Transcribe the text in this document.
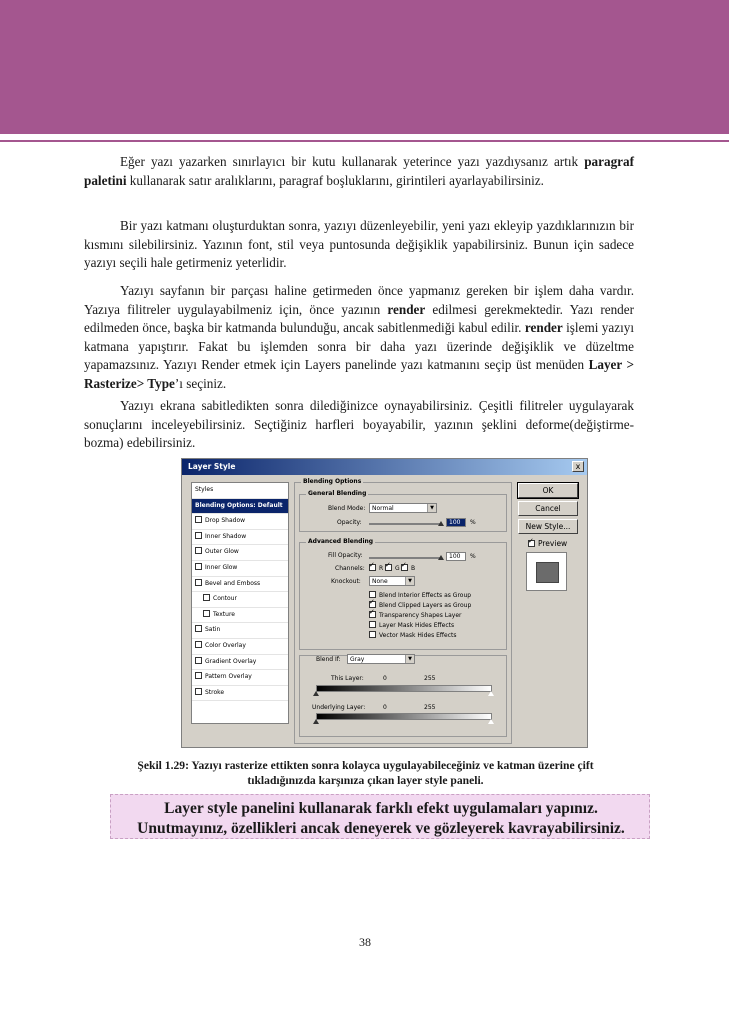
Eğer yazı yazarken sınırlayıcı bir kutu kullanarak yeterince yazı yazdıysanız artık paragraf paletini kullanarak satır aralıklarını, paragraf boşluklarını, girintileri ayarlayabilirsiniz.

Bir yazı katmanı oluşturduktan sonra, yazıyı düzenleyebilir, yeni yazı ekleyip yazdıklarınızın bir kısmını silebilirsiniz. Yazının font, stil veya puntosunda değişiklik yapabilirsiniz. Bunun için sadece yazıyı seçili hale getirmeniz yeterlidir.

Yazıyı sayfanın bir parçası haline getirmeden önce yapmanız gereken bir işlem daha vardır. Yazıya filitreler uygulayabilmeniz için, önce yazının render edilmesi gerekmektedir. Yazı render edilmeden önce, başka bir katmanda bulunduğu, ancak sabitlenmediği kabul edilir. render işlemi yazıyı katmana yapıştırır. Fakat bu işlemden sonra bir daha yazı üzerinde değişiklik ve düzeltme yapamazsınız. Yazıyı Render etmek için Layers panelinde yazı katmanını seçip üst menüden Layer > Rasterize> Type’ı seçiniz.

Yazıyı ekrana sabitledikten sonra dilediğinizce oynayabilirsiniz. Çeşitli filitreler uygulayarak sonuçlarını inceleyebilirsiniz. Seçtiğiniz harfleri boyayabilir, yazının şeklini deforme(değiştirme-bozma) edebilirsiniz.

Layer Style	x
Styles
Blending Options: Default
Drop Shadow
Inner Shadow
Outer Glow
Inner Glow
Bevel and Emboss
Contour
Texture
Satin
Color Overlay
Gradient Overlay
Pattern Overlay
Stroke
Blending Options
General Blending
Blend Mode:	Normal	▼
Opacity:	100	%
Advanced Blending
Fill Opacity:	100	%
Channels: ✓	R ✓	G ✓	B
Knockout:	None	▼
Blend Interior Effects as Group
✓Blend Clipped Layers as Group
✓Transparency Shapes Layer
Layer Mask Hides Effects
Vector Mask Hides Effects
Blend If:	Gray	▼
This Layer:	0	255
Underlying Layer:	0	255
OK
Cancel
New Style...
✓Preview

Şekil 1.29: Yazıyı rasterize ettikten sonra kolayca uygulayabileceğiniz ve katman üzerine çift
tıkladığınızda karşınıza çıkan layer style paneli.

Layer style panelini kullanarak farklı efekt uygulamaları yapınız.
Unutmayınız, özellikleri ancak deneyerek ve gözleyerek kavrayabilirsiniz.
38
